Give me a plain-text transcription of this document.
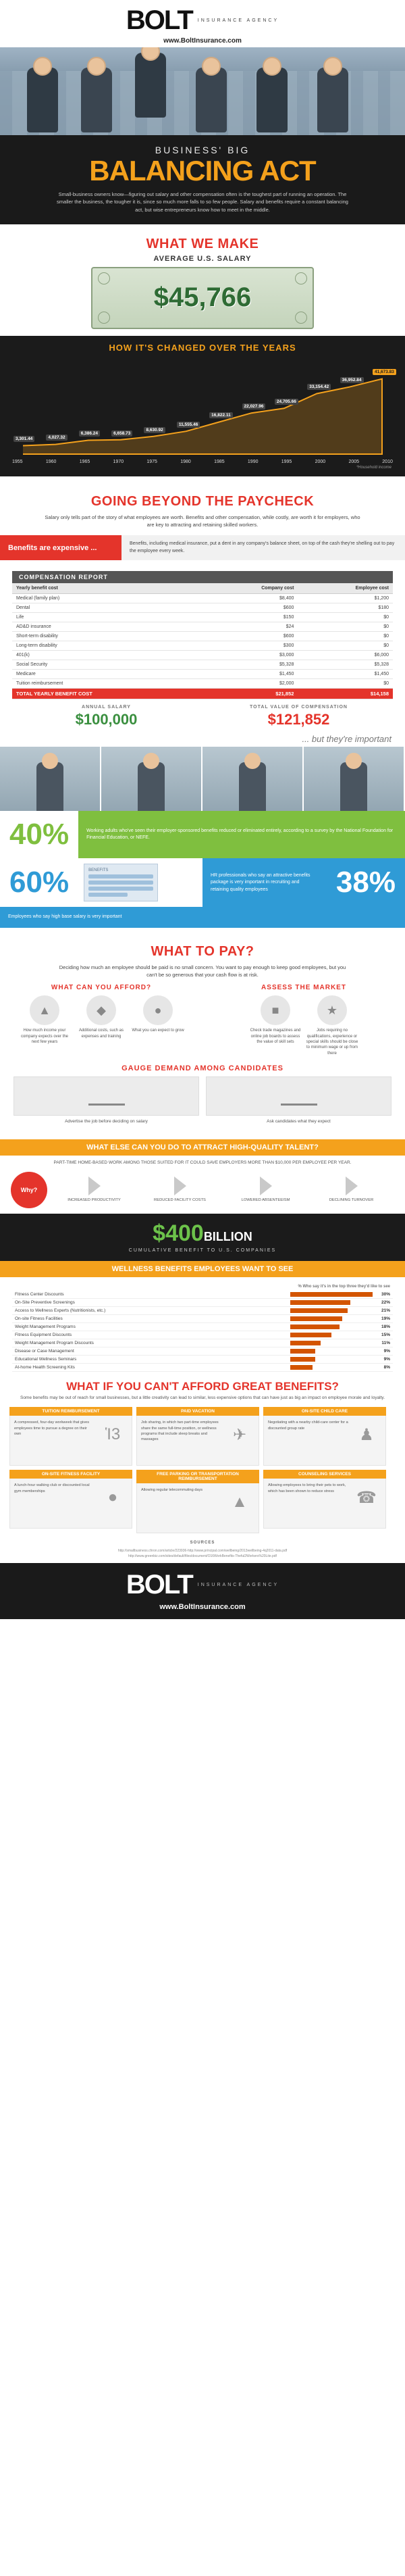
BOLT INSURANCE AGENCY
www.BoltInsurance.com
BUSINESS' BIG
BALANCING ACT
Small-business owners know—figuring out salary and other compensation often is the toughest part of running an operation. The smaller the business, the tougher it is, since so much more falls to so few people. Salary and benefits require a constant balancing act, but wise entrepreneurs know how to meet in the middle.
WHAT WE MAKE
AVERAGE U.S. SALARY
$45,766
HOW IT'S CHANGED OVER THE YEARS
3,301.44	4,027.32
6,386.24	6,658.73
8,630.92
11,555.46
16,822.11
22,027.96
24,705.66
33,154.42
36,952.84
41,673.83
1955	1960	1965	1970	1975	1980	1985	1990	1995	2000	2005	2010
*Household income
GOING BEYOND THE PAYCHECK

Salary only tells part of the story of what employees are worth. Benefits and other compensation, while costly, are worth it for employers, who are key to attracting and retaining skilled workers.

Benefits are expensive ...	Benefits, including medical insurance, put a dent in any company's balance sheet, on top of the cash they're shelling out to pay the employee every week.
COMPENSATION REPORT
Yearly benefit cost	Company cost	Employee cost
Medical (family plan)	$8,400	$1,200
Dental	$600	$180
Life	$150	$0
AD&D insurance	$24	$0
Short-term disability	$600	$0
Long-term disability	$300	$0
401(k)	$3,000	$6,000
Social Security	$5,328	$5,328
Medicare	$1,450	$1,450
Tuition reimbursement	$2,000	$0
TOTAL YEARLY BENEFIT COST	$21,852	$14,158
ANNUAL SALARY
$100,000
TOTAL VALUE OF COMPENSATION
$121,852
... but they're important
40%	Working adults who've seen their employer-sponsored benefits reduced or eliminated entirely, according to a survey by the National Foundation for Financial Education, or NEFE.
60%	BENEFITS
HR professionals who say an attractive benefits package is very important in recruiting and retaining quality employees	38%
Employees who say high base salary is very important
WHAT TO PAY?
Deciding how much an employee should be paid is no small concern. You want to pay enough to keep good employees, but you can't be so generous that your cash flow is at risk.
WHAT CAN YOU AFFORD?
▲
How much income your company expects over the next few years
◆
Additional costs, such as expenses and training
●
What you can expect to grow
ASSESS THE MARKET
■
Check trade magazines and online job boards to assess the value of skill sets
★
Jobs requiring no qualifications, experience or special skills should be close to minimum wage or up from there
GAUGE DEMAND AMONG CANDIDATES
Advertise the job before deciding on salary	Ask candidates what they expect
WHAT ELSE CAN YOU DO TO ATTRACT HIGH-QUALITY TALENT?
PART-TIME HOME-BASED WORK AMONG THOSE SUITED FOR IT COULD SAVE EMPLOYERS MORE THAN $10,000 PER EMPLOYEE PER YEAR.
Why?
INCREASED PRODUCTIVITY	REDUCED FACILITY COSTS	LOWERED ABSENTEEISM	DECLINING TURNOVER
$400BILLION
CUMULATIVE BENEFIT TO U.S. COMPANIES
WELLNESS BENEFITS EMPLOYEES WANT TO SEE
	% Who say it's in the top three they'd like to see	
Fitness Center Discounts		30%
On-Site Preventive Screenings		22%
Access to Wellness Experts (Nutritionists, etc.)		21%
On-site Fitness Facilities		19%
Weight Management Programs		18%
Fitness Equipment Discounts		15%
Weight Management Program Discounts		11%
Disease or Case Management		9%
Educational Wellness Seminars		9%
At-home Health Screening Kits		8%
WHAT IF YOU CAN'T AFFORD GREAT BENEFITS?
Some benefits may be out of reach for small businesses, but a little creativity can lead to similar, less expensive options that can have just as big an impact on employee morale and loyalty.
TUITION REIMBURSEMENT
A compressed, four-day workweek that gives employees time to pursue a degree on their own	Ἱ3
PAID VACATION
Job sharing, in which two part-time employees share the same full-time position, or wellness programs that include sleep breaks and massages	✈
ON-SITE CHILD CARE
Negotiating with a nearby child-care center for a discounted group rate	♟
ON-SITE FITNESS FACILITY
A lunch-hour walking club or discounted local gym memberships	●
FREE PARKING OR TRANSPORTATION REIMBURSEMENT
Allowing regular telecommuting days
▲
COUNSELING SERVICES
Allowing employees to bring their pets to work, which has been shown to reduce stress	☎
SOURCES
http://smallbusiness.chron.com/article/223936-http://www.principal.com/wellbeing/2013wellbeing-4q2011-data.pdf
http://www.greenbiz.com/sites/default/files/document/O16WorkBenefits-Theful2Workers%20Lite.pdf
BOLT INSURANCE AGENCY
www.BoltInsurance.com
